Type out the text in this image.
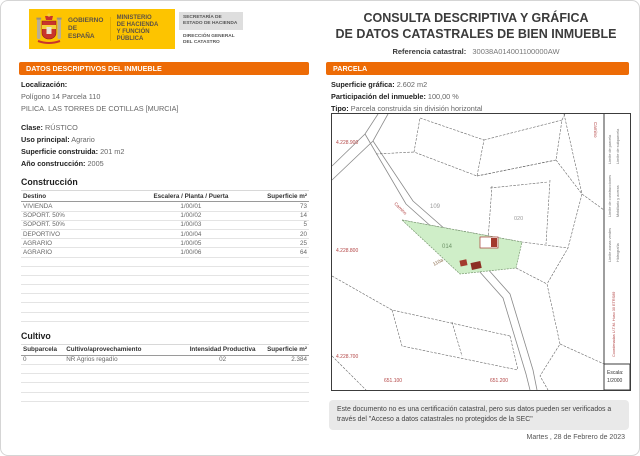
GOBIERNO
DE ESPAÑA
MINISTERIO
DE HACIENDA
Y FUNCIÓN PÚBLICA
SECRETARÍA DE ESTADO DE HACIENDA
DIRECCIÓN GENERAL DEL CATASTRO
CONSULTA DESCRIPTIVA Y GRÁFICA
DE DATOS CATASTRALES DE BIEN INMUEBLE
Referencia catastral: 30038A014001100000AW
DATOS DESCRIPTIVOS DEL INMUEBLE	PARCELA
Localización:
Polígono 14 Parcela 110
PILICA. LAS TORRES DE COTILLAS [MURCIA]
Clase: RÚSTICO
Uso principal: Agrario
Superficie construida: 201 m2
Año construcción: 2005
Construcción
Destino	Escalera / Planta / Puerta	Superficie m²
VIVIENDA	1/00/01	73
SOPORT. 50%	1/00/02	14
SOPORT. 50%	1/00/03	5
DEPORTIVO	1/00/04	20
AGRARIO	1/00/05	25
AGRARIO	1/00/06	64

Cultivo
Subparcela	Cultivo/aprovechamiento	Intensidad Productiva	Superficie m²
0	NR Agrios regadío	02	2.384

Superficie gráfica: 2.602 m2
Participación del inmueble: 100,00 %
Tipo: Parcela construida sin división horizontal
4.228.900
4.228.800
4.228.700
651.100	651.200
109
020
014
110a
Camino
Camino
Límite de parcela Límite de subparcela
Límite de construcciones Mobiliario y aceras
Límite zonas verdes Hidrografía
Coordenadas U.T.M. Huso 30 ETRS89
Escala:
1/2000
Este documento no es una certificación catastral, pero sus datos pueden ser verificados a través del "Acceso a datos catastrales no protegidos de la SEC"
Martes , 28 de Febrero de 2023
